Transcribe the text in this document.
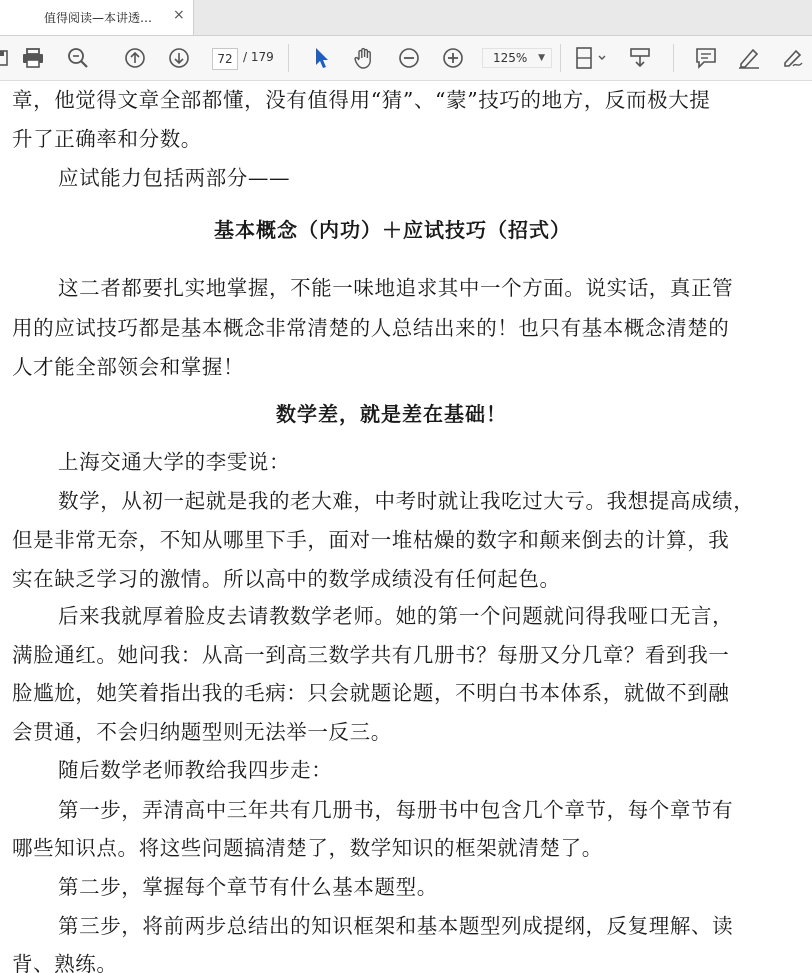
值得阅读—本讲透… ×
72 / 179	125% ▼

章，他觉得文章全部都懂，没有值得用“猜”、“蒙”技巧的地方，反而极大提

升了正确率和分数。

应试能力包括两部分——

基本概念（内功）＋应试技巧（招式）

这二者都要扎实地掌握，不能一味地追求其中一个方面。说实话，真正管

用的应试技巧都是基本概念非常清楚的人总结出来的！也只有基本概念清楚的

人才能全部领会和掌握！

数学差，就是差在基础！

上海交通大学的李雯说：

数学，从初一起就是我的老大难，中考时就让我吃过大亏。我想提高成绩，

但是非常无奈，不知从哪里下手，面对一堆枯燥的数字和颠来倒去的计算，我

实在缺乏学习的激情。所以高中的数学成绩没有任何起色。

后来我就厚着脸皮去请教数学老师。她的第一个问题就问得我哑口无言，

满脸通红。她问我：从高一到高三数学共有几册书？每册又分几章？看到我一

脸尴尬，她笑着指出我的毛病：只会就题论题，不明白书本体系，就做不到融

会贯通，不会归纳题型则无法举一反三。

随后数学老师教给我四步走：

第一步，弄清高中三年共有几册书，每册书中包含几个章节，每个章节有

哪些知识点。将这些问题搞清楚了，数学知识的框架就清楚了。

第二步，掌握每个章节有什么基本题型。

第三步，将前两步总结出的知识框架和基本题型列成提纲，反复理解、读

背、熟练。
